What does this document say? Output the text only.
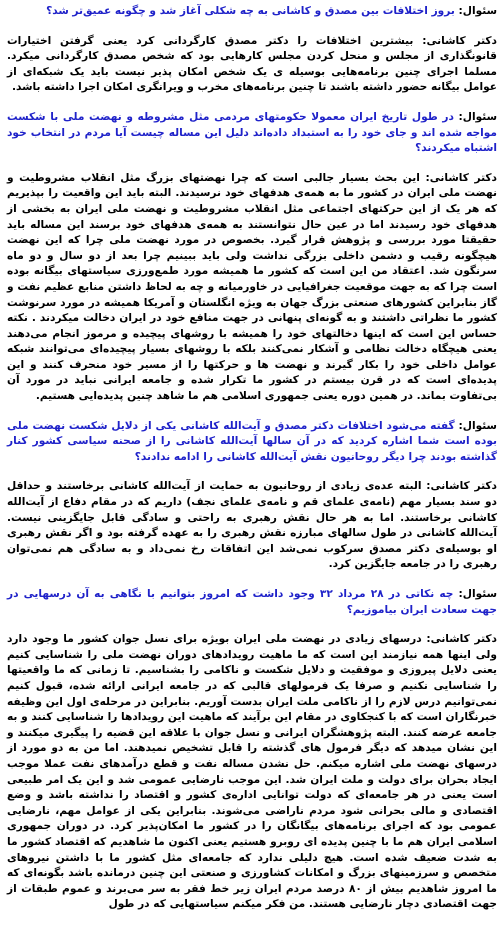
سئوال: بروز اختلافات بین مصدق و کاشانی به چه شکلی آغاز شد و چگونه عمیق‌تر شد؟

دکتر کاشانی: بیشترین اختلافات را دکتر مصدق کارگردانی کرد یعنی گرفتن اختیارات قانونگذاری از مجلس و منحل کردن مجلس کارهایی بود که شخص مصدق کارگردانی میکرد. مسلما اجرای چنین برنامه‌هایی بوسیله ی یک شخص امکان پذیر نیست باید یک شبکه‌ای از عوامل بیگانه حضور داشته باشند تا چنین برنامه‌های مخرب و ویرانگری امکان اجرا داشته باشد.

سئوال: در طول تاریخ ایران معمولا حکومتهای مردمی مثل مشروطه و نهضت ملی با شکست مواجه شده اند و جای خود را به استبداد داده‌اند دلیل این مساله چیست آیا مردم در انتخاب خود اشتباه میکردند؟

دکتر کاشانی: این بحث بسیار جالبی است که چرا نهضتهای بزرگ مثل انقلاب مشروطیت و نهضت ملی ایران در کشور ما به همه‌ی هدفهای خود نرسیدند. البته باید این واقعیت را بپذیریم که هر یک از این حرکتهای اجتماعی مثل انقلاب مشروطیت و نهضت ملی ایران به بخشی از هدفهای خود رسیدند اما در عین حال نتوانستند به همه‌ی هدفهای خود برسند این مساله باید حقیقتا مورد بررسی و پژوهش قرار گیرد. بخصوص در مورد نهضت ملی چرا که این نهضت هیچگونه رقیب و دشمن داخلی بزرگی نداشت ولی باید ببینیم چرا بعد از دو سال و دو ماه سرنگون شد. اعتقاد من این است که کشور ما همیشه مورد طمع‌ورزی سیاستهای بیگانه بوده است چرا که به جهت موقعیت جغرافیایی در خاورمیانه و چه به لحاظ داشتن منابع عظیم نفت و گاز بنابراین کشورهای صنعتی بزرگ جهان به ویژه انگلستان و آمریکا همیشه در مورد سرنوشت کشور ما نظراتی داشتند و به گونه‌ای پنهانی در جهت منافع خود در ایران دخالت میکردند . نکته حساس این است که اینها دخالتهای خود را همیشه با روشهای پیچیده و مرموز انجام می‌دهند یعنی هیچگاه دخالت نظامی و آشکار نمی‌کنند بلکه با روشهای بسیار پیچیده‌ای می‌توانند شبکه عوامل داخلی خود را بکار گیرند و نهضت ها و حرکتها را از مسیر خود منحرف کنند و این پدیده‌ای است که در قرن بیستم در کشور ما تکرار شده و جامعه ایرانی نباید در مورد آن بی‌تفاوت بماند. در همین دوره یعنی جمهوری اسلامی هم ما شاهد چنین پدیده‌ایی هستیم.

سئوال: گفته می‌شود اختلافات دکتر مصدق و آیت‌الله کاشانی یکی از دلایل شکست نهضت ملی بوده است شما اشاره کردید که در آن سالها آیت‌الله کاشانی را از صحنه سیاسی کشور کنار گذاشته بودند چرا دیگر روحانیون نقش آیت‌الله کاشانی را ادامه ندادند؟

دکتر کاشانی: البته عده‌ی زیادی از روحانیون به حمایت از آیت‌الله کاشانی برخاستند و حداقل دو سند بسیار مهم (نامه‌ی علمای قم و نامه‌ی علمای نجف) داریم که در مقام دفاع از آیت‌الله کاشانی برخاستند. اما به هر حال نقش رهبری به راحتی و سادگی قابل جایگزینی نیست. آیت‌الله کاشانی در طول سالهای مبارزه نقش رهبری را به عهده گرفته بود و اگر نقش رهبری او بوسیله‌ی دکتر مصدق سرکوب نمی‌شد این اتفاقات رخ نمی‌داد و به سادگی هم نمی‌توان رهبری را در جامعه جایگزین کرد.

سئوال: چه نکاتی در ۲۸ مرداد ۳۲ وجود داشت که امروز بتوانیم با نگاهی به آن درسهایی در جهت سعادت ایران بیاموزیم؟

دکتر کاشانی: درسهای زیادی در نهضت ملی ایران بویژه برای نسل جوان کشور ما وجود دارد ولی اینها همه نیازمند این است که ما ماهیت رویدادهای دوران نهضت ملی را شناسایی کنیم یعنی دلایل پیروزی و موفقیت و دلایل شکست و ناکامی را بشناسیم. تا زمانی که ما واقعیتها را شناسایی نکنیم و صرفا یک فرمولهای قالبی که در جامعه ایرانی ارائه شده، قبول کنیم نمی‌توانیم درس لازم را از ناکامی ملت ایران بدست آوریم. بنابراین در مرحله‌ی اول این وظیفه خبرنگاران است که با کنجکاوی در مقام این برآیند که ماهیت این رویدادها را شناسایی کنند و به جامعه عرضه کنند. البته پژوهشگران ایرانی و نسل جوان با علاقه این قضیه را پیگیری میکنند و این نشان میدهد که دیگر فرمول های گذشته را قابل تشخیص نمیدهند. اما من به دو مورد از درسهای نهضت ملی اشاره میکنم. حل نشدن مساله نفت و قطع درآمدهای نفت عملا موجب ایجاد بحران برای دولت و ملت ایران شد. این موجب نارضایی عمومی شد و این یک امر طبیعی است یعنی در هر جامعه‌ای که دولت توانایی اداره‌ی کشور و اقتصاد را نداشته باشد و وضع اقتصادی و مالی بحرانی شود مردم ناراضی می‌شوند. بنابراین یکی از عوامل مهم، نارضایی عمومی بود که اجرای برنامه‌های بیگانگان را در کشور ما امکان‌پذیر کرد. در دوران جمهوری اسلامی ایران هم ما با چنین پدیده ای روبرو هستیم یعنی اکنون ما شاهدیم که اقتصاد کشور ما به شدت ضعیف شده است. هیچ دلیلی ندارد که جامعه‌ای مثل کشور ما با داشتن نیروهای متخصص و سرزمینهای بزرگ و امکانات کشاورزی و صنعتی این چنین درمانده باشد بگونه‌ای که ما امروز شاهدیم بیش از ۸۰ درصد مردم ایران زیر خط فقر به سر می‌برند و عموم طبقات از جهت اقتصادی دچار نارضایی هستند. من فکر میکنم سیاستهایی که در طول
